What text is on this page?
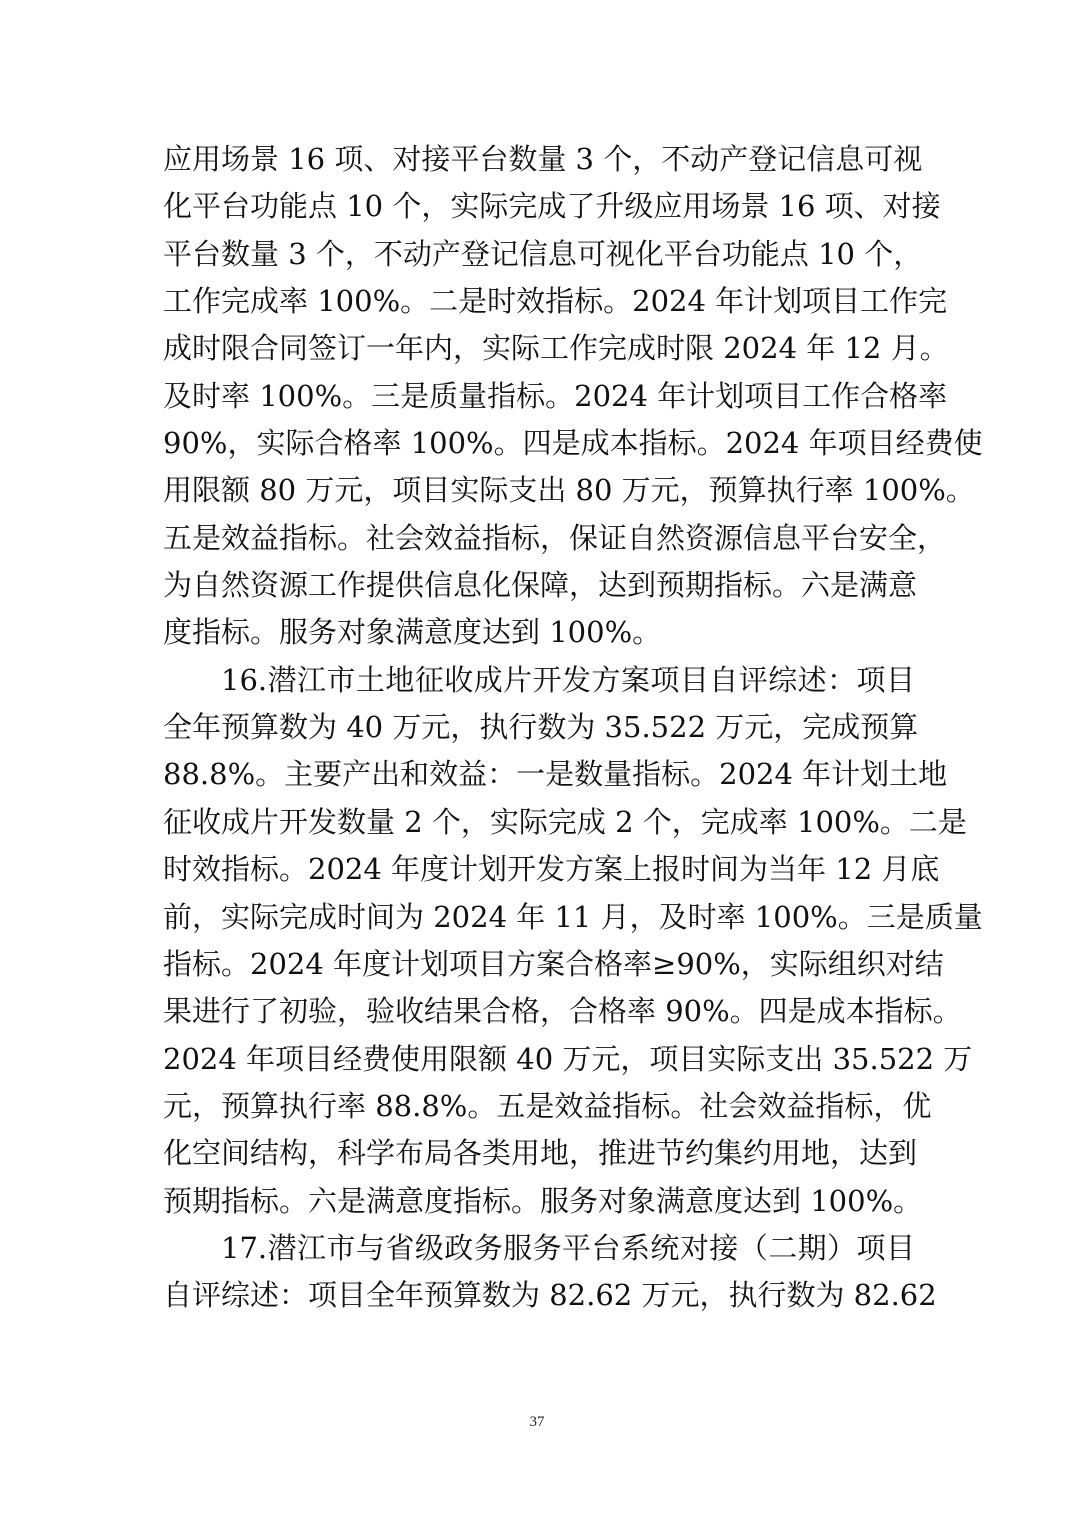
应用场景 16 项、对接平台数量 3 个，不动产登记信息可视
化平台功能点 10 个，实际完成了升级应用场景 16 项、对接
平台数量 3 个，不动产登记信息可视化平台功能点 10 个，
工作完成率 100%。二是时效指标。2024 年计划项目工作完
成时限合同签订一年内，实际工作完成时限 2024 年 12 月。
及时率 100%。三是质量指标。2024 年计划项目工作合格率
90%，实际合格率 100%。四是成本指标。2024 年项目经费使
用限额 80 万元，项目实际支出 80 万元，预算执行率 100%。
五是效益指标。社会效益指标，保证自然资源信息平台安全，
为自然资源工作提供信息化保障，达到预期指标。六是满意
度指标。服务对象满意度达到 100%。
16.潜江市土地征收成片开发方案项目自评综述：项目
全年预算数为 40 万元，执行数为 35.522 万元，完成预算
88.8%。主要产出和效益：一是数量指标。2024 年计划土地
征收成片开发数量 2 个，实际完成 2 个，完成率 100%。二是
时效指标。2024 年度计划开发方案上报时间为当年 12 月底
前，实际完成时间为 2024 年 11 月，及时率 100%。三是质量
指标。2024 年度计划项目方案合格率≥90%，实际组织对结
果进行了初验，验收结果合格，合格率 90%。四是成本指标。
2024 年项目经费使用限额 40 万元，项目实际支出 35.522 万
元，预算执行率 88.8%。五是效益指标。社会效益指标，优
化空间结构，科学布局各类用地，推进节约集约用地，达到
预期指标。六是满意度指标。服务对象满意度达到 100%。
17.潜江市与省级政务服务平台系统对接（二期）项目
自评综述：项目全年预算数为 82.62 万元，执行数为 82.62
37
